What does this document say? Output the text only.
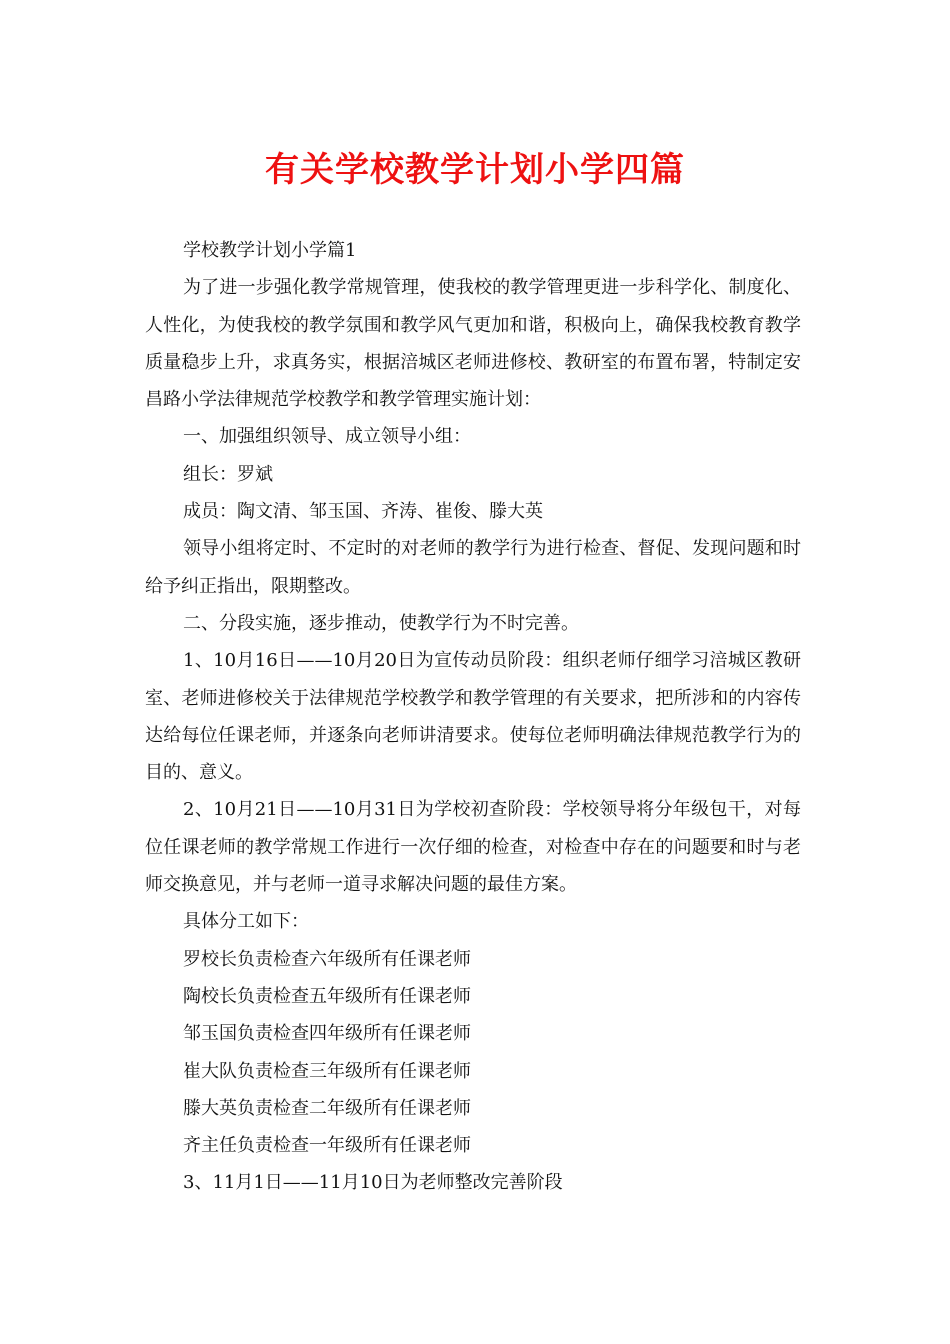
有关学校教学计划小学四篇

学校教学计划小学篇1

为了进一步强化教学常规管理，使我校的教学管理更进一步科学化、制度化、人性化，为使我校的教学氛围和教学风气更加和谐，积极向上，确保我校教育教学质量稳步上升，求真务实，根据涪城区老师进修校、教研室的布置布署，特制定安昌路小学法律规范学校教学和教学管理实施计划：

一、加强组织领导、成立领导小组：

组长：罗斌

成员：陶文清、邹玉国、齐涛、崔俊、滕大英

领导小组将定时、不定时的对老师的教学行为进行检查、督促、发现问题和时给予纠正指出，限期整改。

二、分段实施，逐步推动，使教学行为不时完善。

1、10月16日——10月20日为宣传动员阶段：组织老师仔细学习涪城区教研室、老师进修校关于法律规范学校教学和教学管理的有关要求，把所涉和的内容传达给每位任课老师，并逐条向老师讲清要求。使每位老师明确法律规范教学行为的目的、意义。

2、10月21日——10月31日为学校初查阶段：学校领导将分年级包干，对每位任课老师的教学常规工作进行一次仔细的检查，对检查中存在的问题要和时与老师交换意见，并与老师一道寻求解决问题的最佳方案。

具体分工如下：

罗校长负责检查六年级所有任课老师

陶校长负责检查五年级所有任课老师

邹玉国负责检查四年级所有任课老师

崔大队负责检查三年级所有任课老师

滕大英负责检查二年级所有任课老师

齐主任负责检查一年级所有任课老师

3、11月1日——11月10日为老师整改完善阶段
